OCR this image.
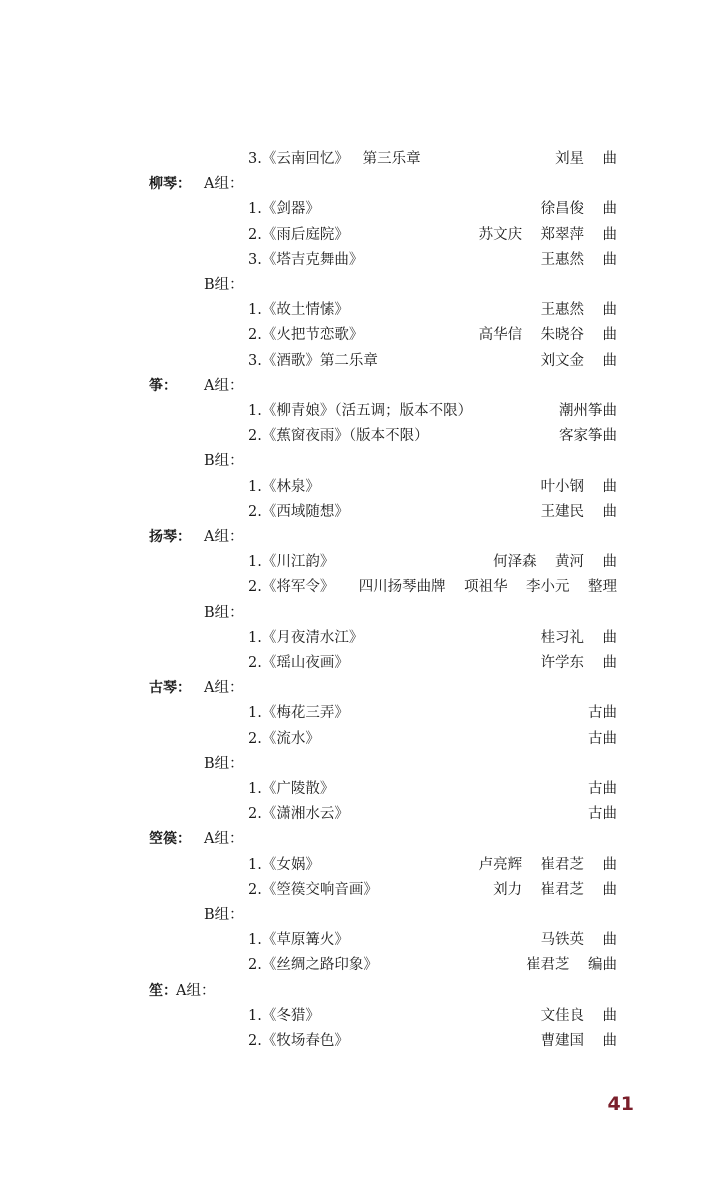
3.《云南回忆》   第三乐章	刘星    曲
柳琴： A组：
1.《剑器》	徐昌俊    曲
2.《雨后庭院》	苏文庆    郑翠萍    曲
3.《塔吉克舞曲》	王惠然    曲
B组：
1.《故土情愫》	王惠然    曲
2.《火把节恋歌》	高华信    朱晓谷    曲
3.《酒歌》第二乐章	刘文金    曲
筝： A组：
1.《柳青娘》（活五调；版本不限）	潮州筝曲
2.《蕉窗夜雨》（版本不限）	客家筝曲
B组：
1.《林泉》	叶小钢    曲
2.《西域随想》	王建民    曲
扬琴： A组：
1.《川江韵》	何泽森    黄河    曲
2.《将军令》 四川扬琴曲牌    项祖华    李小元    整理
B组：
1.《月夜清水江》	桂习礼    曲
2.《瑶山夜画》	许学东    曲
古琴： A组：
1.《梅花三弄》	古曲
2.《流水》	古曲
B组：
1.《广陵散》	古曲
2.《潇湘水云》	古曲
箜篌： A组：
1.《女娲》	卢亮辉    崔君芝    曲
2.《箜篌交响音画》	刘力    崔君芝    曲
B组：
1.《草原篝火》	马铁英    曲
2.《丝绸之路印象》	崔君芝    编曲
笙： A组：
1.《冬猎》	文佳良    曲
2.《牧场春色》	曹建国    曲
41
